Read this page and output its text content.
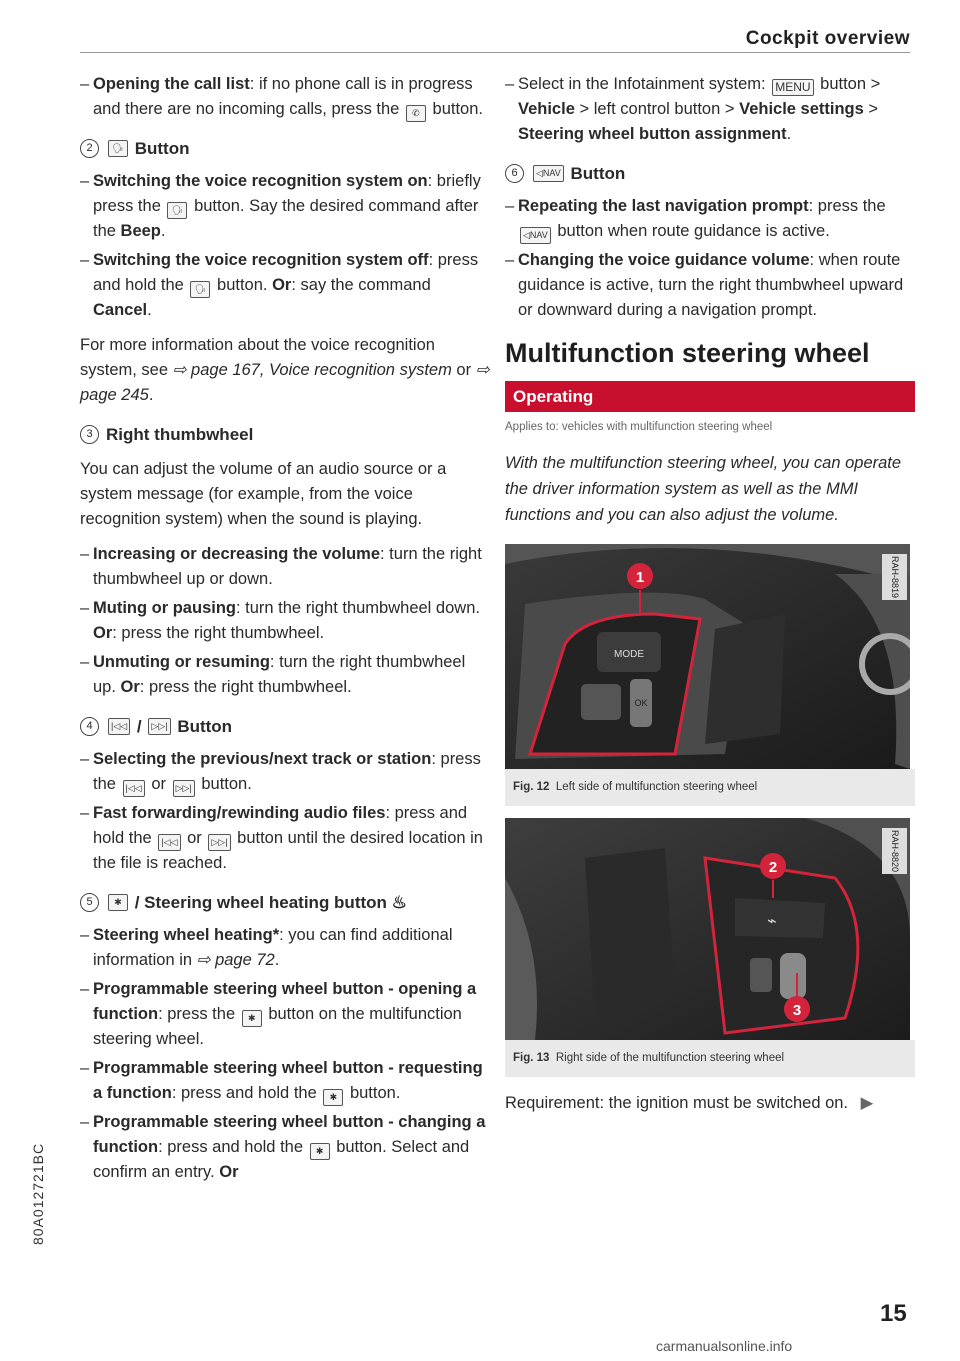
Cockpit overview
– Opening the call list: if no phone call is in progress and there are no incoming calls, press the ✆ button.
2	🗣
Button
– Switching the voice recognition system on: briefly press the 🗣 button. Say the desired command after the Beep.
– Switching the voice recognition system off: press and hold the 🗣 button. Or: say the command Cancel.
For more information about the voice recognition system, see ⇨ page 167, Voice recognition system or ⇨ page 245.
3 Right thumbwheel
You can adjust the volume of an audio source or a system message (for example, from the voice recognition system) when the sound is playing.
– Increasing or decreasing the volume: turn the right thumbwheel up or down.
– Muting or pausing: turn the right thumbwheel down. Or: press the right thumbwheel.
– Unmuting or resuming: turn the right thumbwheel up. Or: press the right thumbwheel.
4	|◁◁
/
	▷▷|
Button
– Selecting the previous/next track or station: press the |◁◁ or ▷▷| button.
– Fast forwarding/rewinding audio files: press and hold the |◁◁ or ▷▷| button until the desired location in the file is reached.
5	✱
/ Steering wheel heating button
♨
– Steering wheel heating*: you can find additional information in ⇨ page 72.
– Programmable steering wheel button - opening a function: press the ✱ button on the multifunction steering wheel.
– Programmable steering wheel button - requesting a function: press and hold the ✱ button.
– Programmable steering wheel button - changing a function: press and hold the ✱ button. Select and confirm an entry. Or
– Select in the Infotainment system: MENU button > Vehicle > left control button > Vehicle settings > Steering wheel button assignment.
6	◁NAV
Button
– Repeating the last navigation prompt: press the ◁NAV button when route guidance is active.
– Changing the voice guidance volume: when route guidance is active, turn the right thumbwheel upward or downward during a navigation prompt.
Multifunction steering wheel
Operating
Applies to: vehicles with multifunction steering wheel
With the multifunction steering wheel, you can operate the driver information system as well as the MMI functions and you can also adjust the volume.
MODE
OK
1	RAH-8819
Fig. 12 Left side of multifunction steering wheel
⌁
2
3
RAH-8820
Fig. 13 Right side of the multifunction steering wheel
Requirement: the ignition must be switched on. ▶
80A012721BC
15
carmanualsonline.info
